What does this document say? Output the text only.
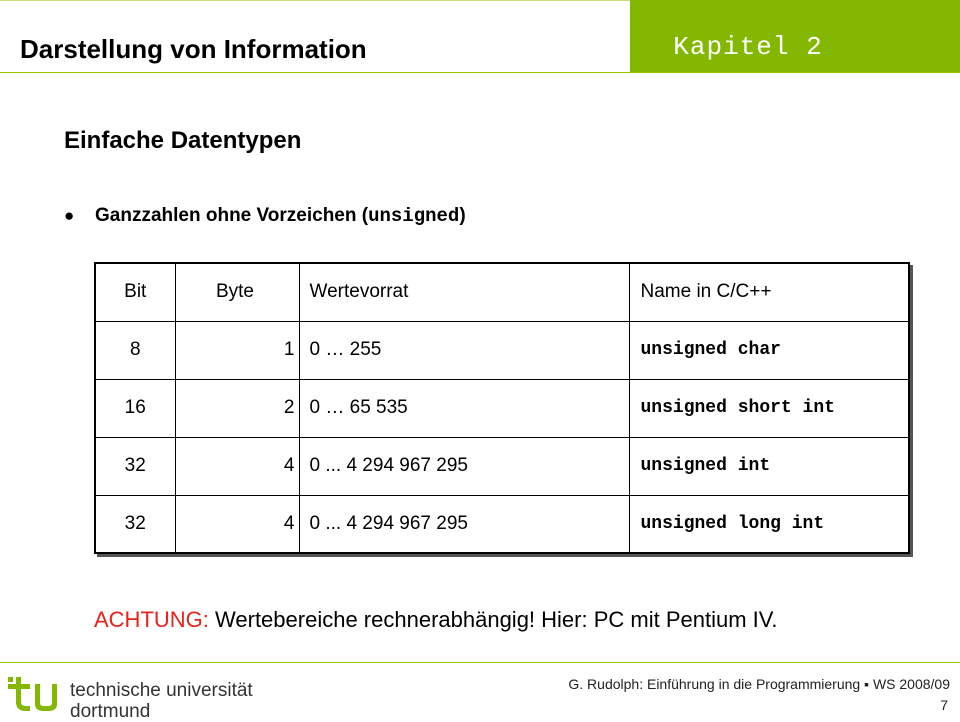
Kapitel 2
Darstellung von Information
Einfache Datentypen
●	Ganzzahlen ohne Vorzeichen ( unsigned )
Bit	Byte	Wertevorrat	Name in C/C++
8	1	0 … 255	unsigned char
16	2	0 … 65 535	unsigned short int
32	4	0 ... 4 294 967 295	unsigned int
32	4	0 ... 4 294 967 295	unsigned long int
ACHTUNG: Wertebereiche rechnerabhängig! Hier: PC mit Pentium IV.
technische universität
dortmund
G. Rudolph: Einführung in die Programmierung ▪ WS 2008/09
7
